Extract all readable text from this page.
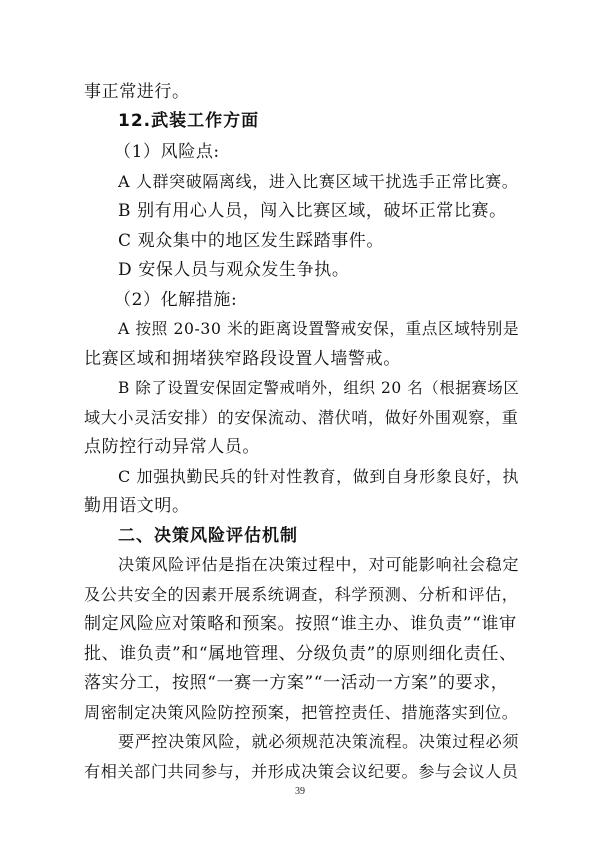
事正常进行。
12.武装工作方面
（1）风险点:
A 人群突破隔离线，进入比赛区域干扰选手正常比赛。
B 别有用心人员，闯入比赛区域，破坏正常比赛。
C 观众集中的地区发生踩踏事件。
D 安保人员与观众发生争执。
（2）化解措施:
A 按照 20-30 米的距离设置警戒安保，重点区域特别是
比赛区域和拥堵狭窄路段设置人墙警戒。
B 除了设置安保固定警戒哨外，组织 20 名（根据赛场区
域大小灵活安排）的安保流动、潜伏哨，做好外围观察，重
点防控行动异常人员。
C 加强执勤民兵的针对性教育，做到自身形象良好，执
勤用语文明。
二、决策风险评估机制
决策风险评估是指在决策过程中，对可能影响社会稳定
及公共安全的因素开展系统调查，科学预测、分析和评估，
制定风险应对策略和预案。按照“谁主办、谁负责”“谁审
批、谁负责”和“属地管理、分级负责”的原则细化责任、
落实分工，按照“一赛一方案”“一活动一方案”的要求，
周密制定决策风险防控预案，把管控责任、措施落实到位。
要严控决策风险，就必须规范决策流程。决策过程必须
有相关部门共同参与，并形成决策会议纪要。参与会议人员
39
